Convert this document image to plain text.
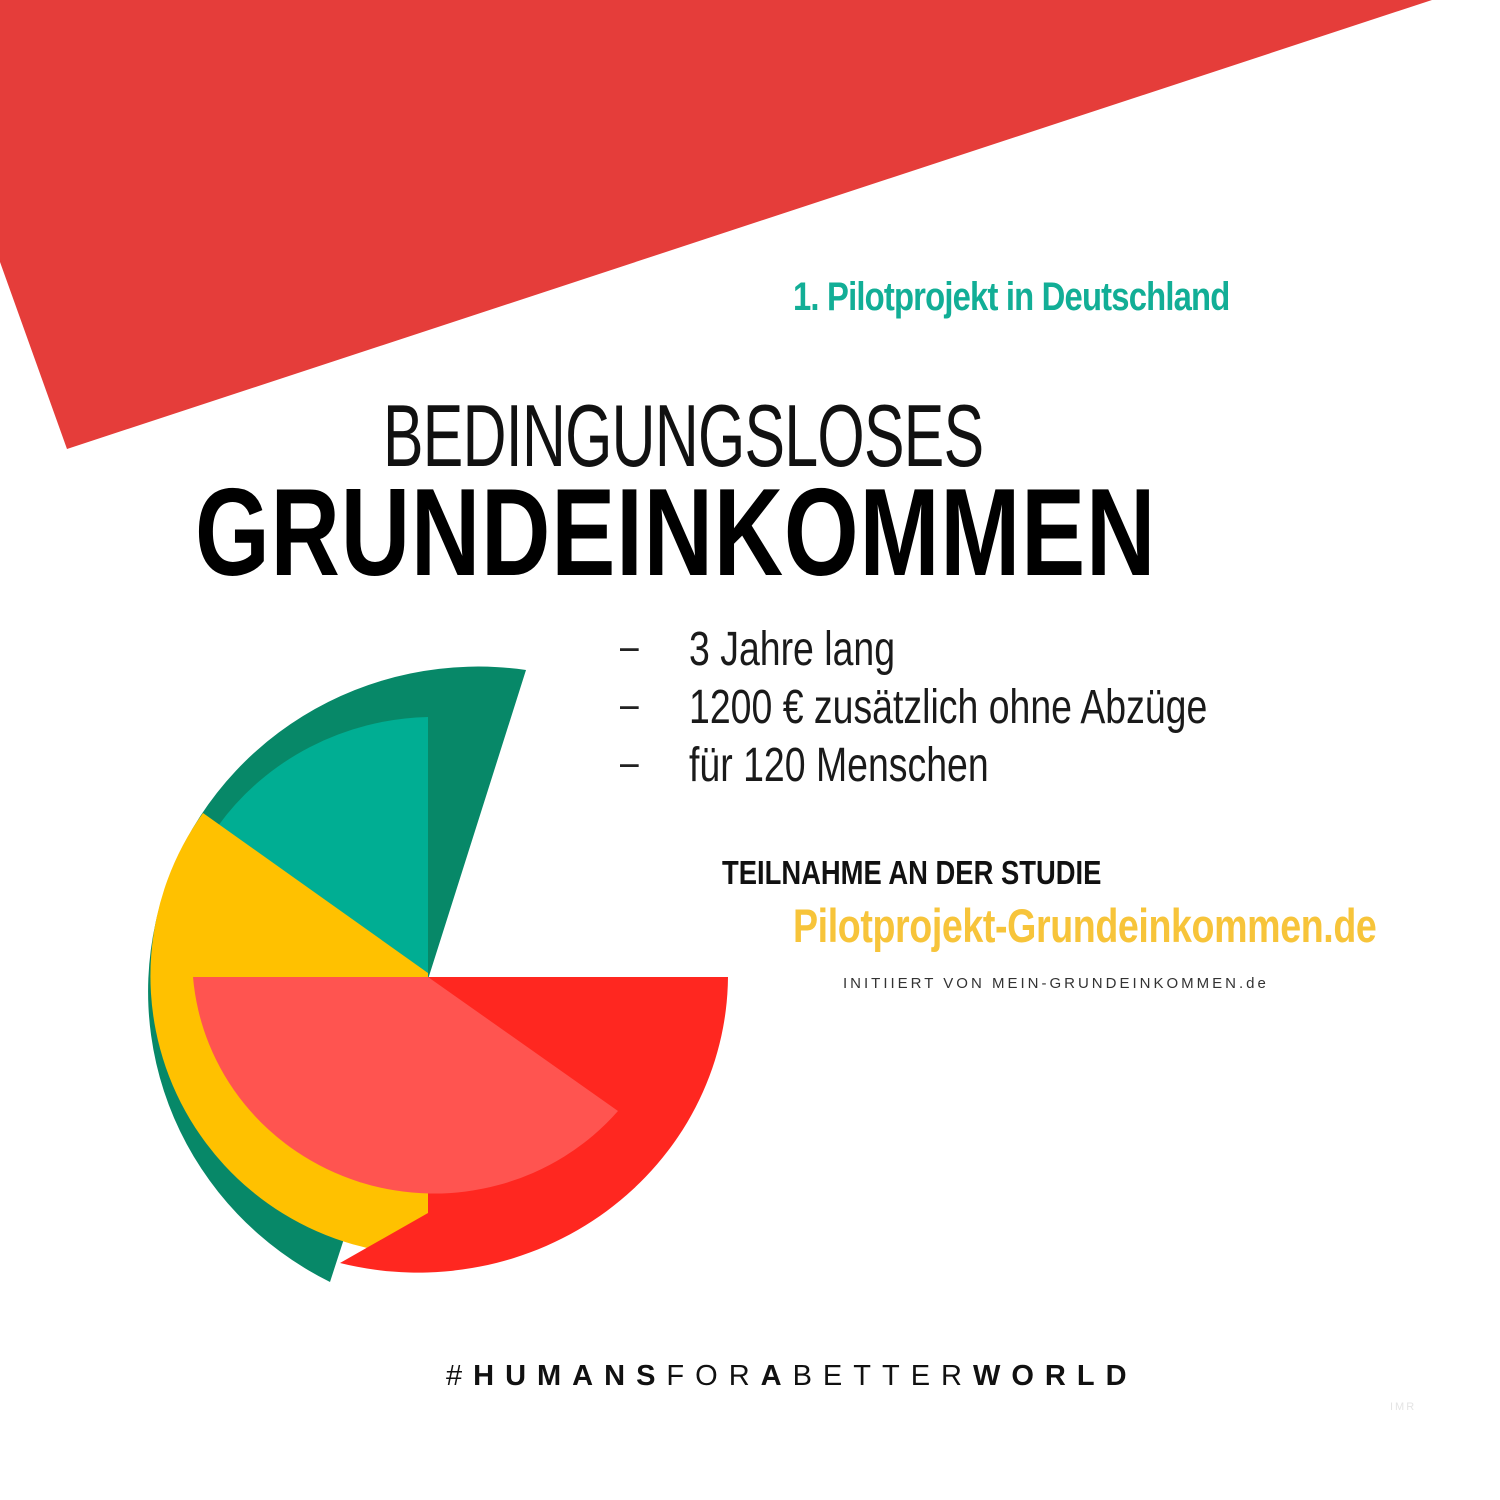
1. Pilotprojekt in Deutschland
BEDINGUNGSLOSES
GRUNDEINKOMMEN
– 3 Jahre lang
– 1200 € zusätzlich ohne Abzüge
– für 120 Menschen
TEILNAHME AN DER STUDIE
Pilotprojekt-Grundeinkommen.de
INITIIERT VON MEIN-GRUNDEINKOMMEN.de
#HUMANSFORABETTERWORLD
IMR
